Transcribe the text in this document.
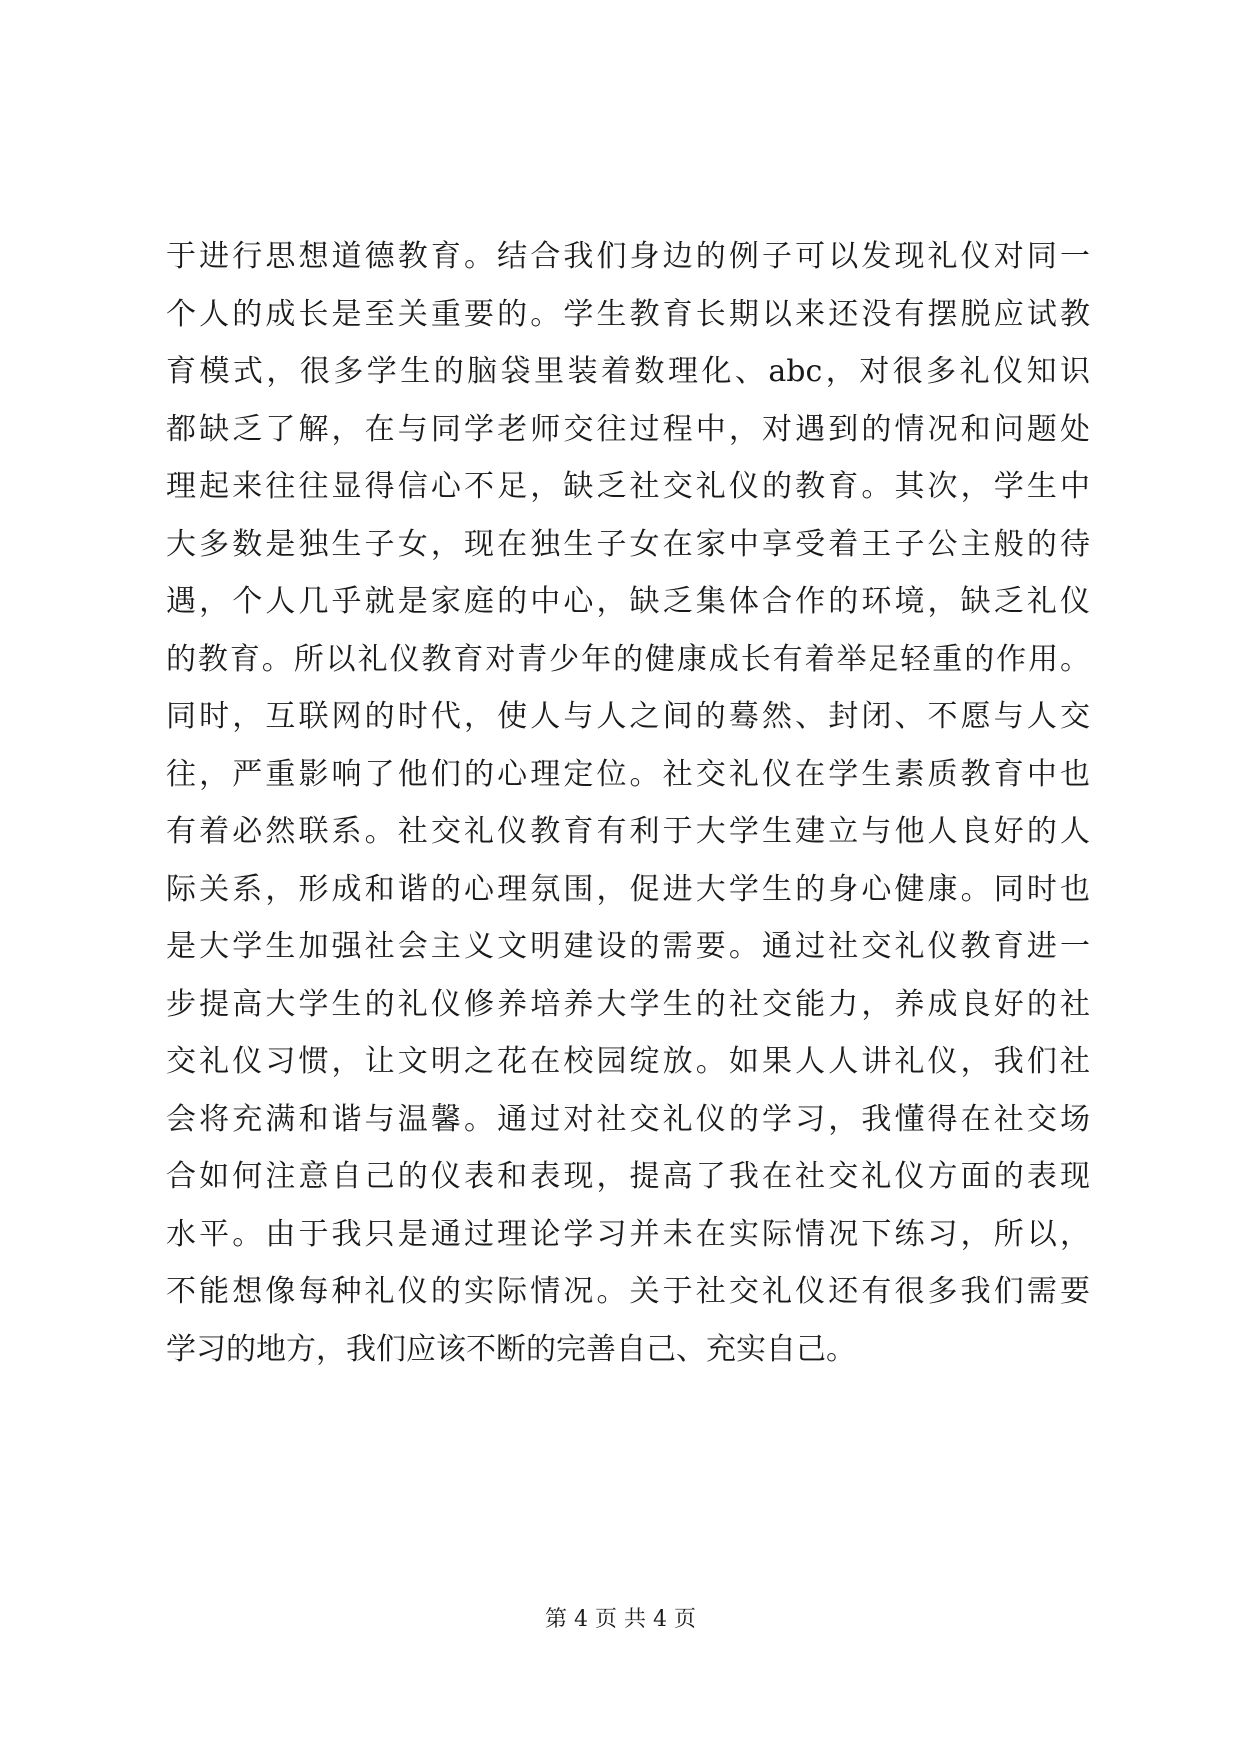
于进行思想道德教育。结合我们身边的例子可以发现礼仪对同一
个人的成长是至关重要的。学生教育长期以来还没有摆脱应试教
育模式，很多学生的脑袋里装着数理化、abc，对很多礼仪知识
都缺乏了解，在与同学老师交往过程中，对遇到的情况和问题处
理起来往往显得信心不足，缺乏社交礼仪的教育。其次，学生中
大多数是独生子女，现在独生子女在家中享受着王子公主般的待
遇，个人几乎就是家庭的中心，缺乏集体合作的环境，缺乏礼仪
的教育。所以礼仪教育对青少年的健康成长有着举足轻重的作用。
同时，互联网的时代，使人与人之间的蓦然、封闭、不愿与人交
往，严重影响了他们的心理定位。社交礼仪在学生素质教育中也
有着必然联系。社交礼仪教育有利于大学生建立与他人良好的人
际关系，形成和谐的心理氛围，促进大学生的身心健康。同时也
是大学生加强社会主义文明建设的需要。通过社交礼仪教育进一
步提高大学生的礼仪修养培养大学生的社交能力，养成良好的社
交礼仪习惯，让文明之花在校园绽放。如果人人讲礼仪，我们社
会将充满和谐与温馨。通过对社交礼仪的学习，我懂得在社交场
合如何注意自己的仪表和表现，提高了我在社交礼仪方面的表现
水平。由于我只是通过理论学习并未在实际情况下练习，所以，
不能想像每种礼仪的实际情况。关于社交礼仪还有很多我们需要
学习的地方，我们应该不断的完善自己、充实自己。
第 4 页 共 4 页
